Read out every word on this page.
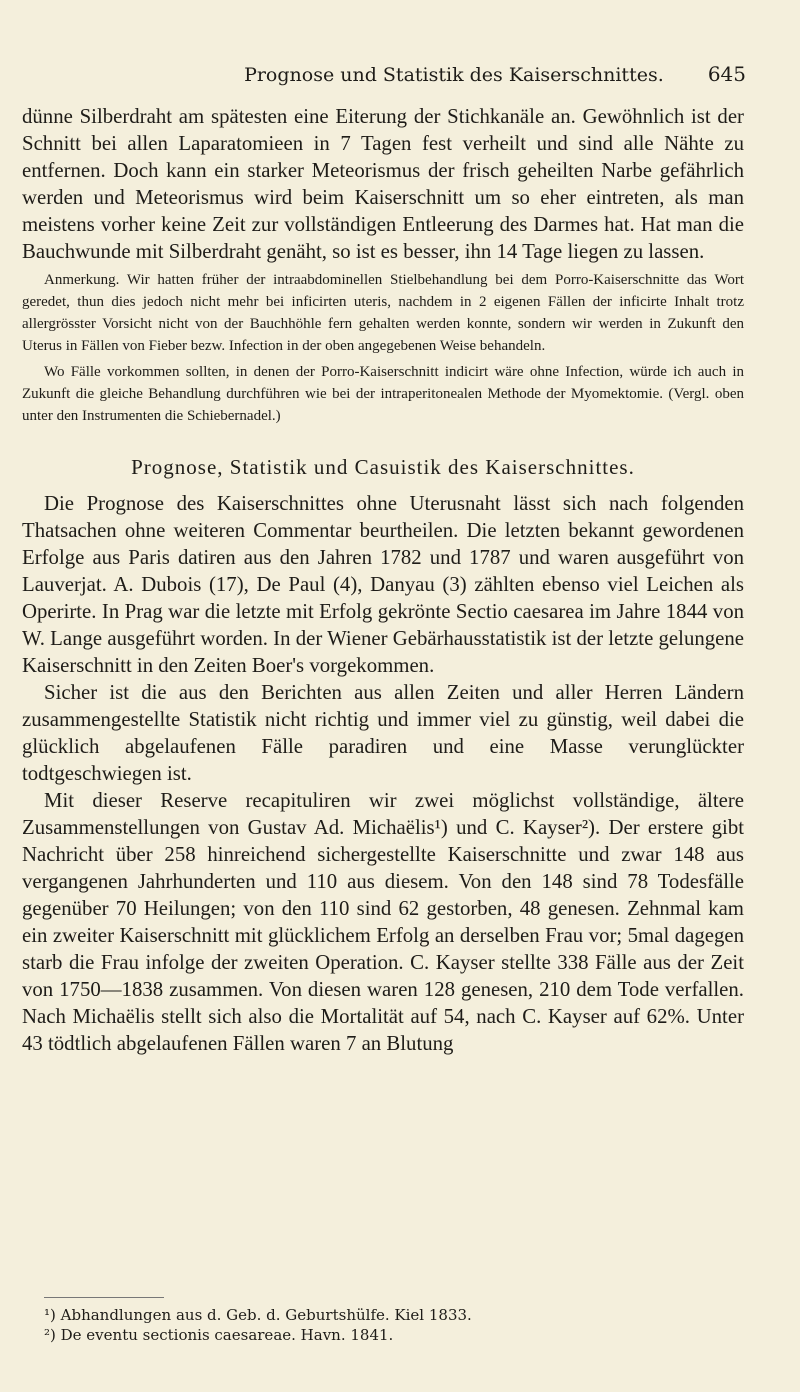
Prognose und Statistik des Kaiserschnittes.	645

dünne Silberdraht am spätesten eine Eiterung der Stichkanäle an. Gewöhnlich ist der Schnitt bei allen Laparatomieen in 7 Tagen fest verheilt und sind alle Nähte zu entfernen. Doch kann ein starker Meteorismus der frisch geheilten Narbe gefährlich werden und Meteorismus wird beim Kaiserschnitt um so eher eintreten, als man meistens vorher keine Zeit zur vollständigen Entleerung des Darmes hat. Hat man die Bauchwunde mit Silberdraht genäht, so ist es besser, ihn 14 Tage liegen zu lassen.

Anmerkung. Wir hatten früher der intraabdominellen Stielbehandlung bei dem Porro-Kaiserschnitte das Wort geredet, thun dies jedoch nicht mehr bei inficirten uteris, nachdem in 2 eigenen Fällen der inficirte Inhalt trotz allergrösster Vorsicht nicht von der Bauchhöhle fern gehalten werden konnte, sondern wir werden in Zukunft den Uterus in Fällen von Fieber bezw. Infection in der oben angegebenen Weise behandeln.

Wo Fälle vorkommen sollten, in denen der Porro-Kaiserschnitt indicirt wäre ohne Infection, würde ich auch in Zukunft die gleiche Behandlung durchführen wie bei der intraperitonealen Methode der Myomektomie. (Vergl. oben unter den Instrumenten die Schiebernadel.)

Prognose, Statistik und Casuistik des Kaiserschnittes.

Die Prognose des Kaiserschnittes ohne Uterusnaht lässt sich nach folgenden Thatsachen ohne weiteren Commentar beurtheilen. Die letzten bekannt gewordenen Erfolge aus Paris datiren aus den Jahren 1782 und 1787 und waren ausgeführt von Lauverjat. A. Dubois (17), De Paul (4), Danyau (3) zählten ebenso viel Leichen als Operirte. In Prag war die letzte mit Erfolg gekrönte Sectio caesarea im Jahre 1844 von W. Lange ausgeführt worden. In der Wiener Gebärhausstatistik ist der letzte gelungene Kaiserschnitt in den Zeiten Boer's vorgekommen.

Sicher ist die aus den Berichten aus allen Zeiten und aller Herren Ländern zusammengestellte Statistik nicht richtig und immer viel zu günstig, weil dabei die glücklich abgelaufenen Fälle paradiren und eine Masse verunglückter todtgeschwiegen ist.

Mit dieser Reserve recapituliren wir zwei möglichst vollständige, ältere Zusammenstellungen von Gustav Ad. Michaëlis¹) und C. Kayser²). Der erstere gibt Nachricht über 258 hinreichend sichergestellte Kaiserschnitte und zwar 148 aus vergangenen Jahrhunderten und 110 aus diesem. Von den 148 sind 78 Todesfälle gegenüber 70 Heilungen; von den 110 sind 62 gestorben, 48 genesen. Zehnmal kam ein zweiter Kaiserschnitt mit glücklichem Erfolg an derselben Frau vor; 5mal dagegen starb die Frau infolge der zweiten Operation. C. Kayser stellte 338 Fälle aus der Zeit von 1750—1838 zusammen. Von diesen waren 128 genesen, 210 dem Tode verfallen. Nach Michaëlis stellt sich also die Mortalität auf 54, nach C. Kayser auf 62%. Unter 43 tödtlich abgelaufenen Fällen waren 7 an Blutung

¹) Abhandlungen aus d. Geb. d. Geburtshülfe. Kiel 1833.
²) De eventu sectionis caesareae. Havn. 1841.
